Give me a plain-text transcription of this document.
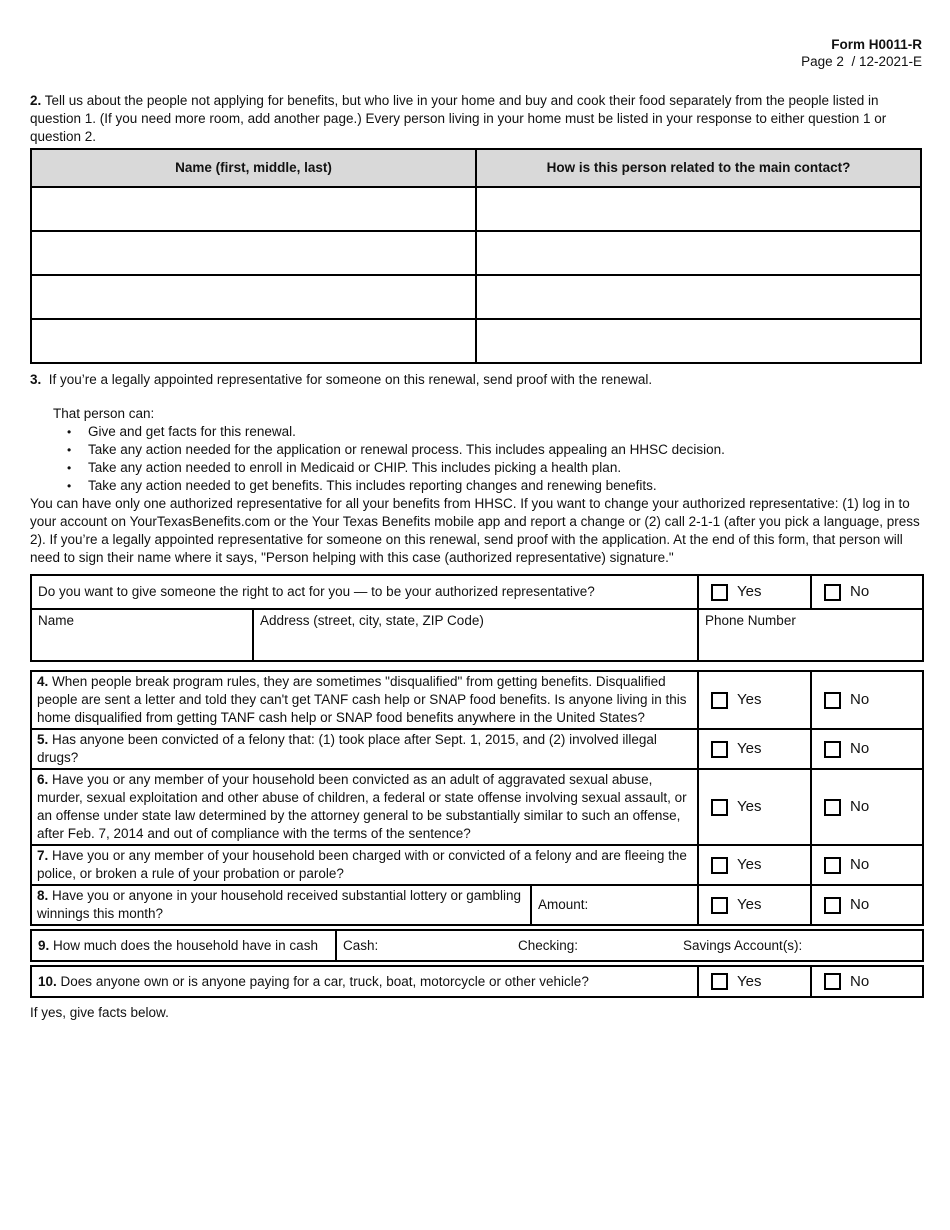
Form H0011-R
Page 2  / 12-2021-E

2. Tell us about the people not applying for benefits, but who live in your home and buy and cook their food separately from the people listed in question 1. (If you need more room, add another page.) Every person living in your home must be listed in your response to either question 1 or question 2.

Name (first, middle, last)	How is this person related to the main contact?

3. If you’re a legally appointed representative for someone on this renewal, send proof with the renewal.

That person can:

•	Give and get facts for this renewal.
•	Take any action needed for the application or renewal process. This includes appealing an HHSC decision.
•	Take any action needed to enroll in Medicaid or CHIP. This includes picking a health plan.
•	Take any action needed to get benefits. This includes reporting changes and renewing benefits.

You can have only one authorized representative for all your benefits from HHSC. If you want to change your authorized representative: (1) log in to your account on YourTexasBenefits.com or the Your Texas Benefits mobile app and report a change or (2) call 2-1-1 (after you pick a language, press 2). If you’re a legally appointed representative for someone on this renewal, send proof with the application. At the end of this form, that person will need to sign their name where it says, "Person helping with this case (authorized representative) signature."

Do you want to give someone the right to act for you — to be your authorized representative?		Yes	No

Name	Address (street, city, state, ZIP Code)	Phone Number	
4. When people break program rules, they are sometimes "disqualified" from getting benefits. Disqualified people are sent a letter and told they can't get TANF cash help or SNAP food benefits. Is anyone living in this home disqualified from getting TANF cash help or SNAP food benefits anywhere in the United States?		Yes	No

5. Has anyone been convicted of a felony that: (1) took place after Sept. 1, 2015, and (2) involved illegal drugs?		Yes	No

6. Have you or any member of your household been convicted as an adult of aggravated sexual abuse, murder, sexual exploitation and other abuse of children, a federal or state offense involving sexual assault, or an offense under state law determined by the attorney general to be substantially similar to such an offense, after Feb. 7, 2014 and out of compliance with the terms of the sentence?		Yes	No

7. Have you or any member of your household been charged with or convicted of a felony and are fleeing the police, or broken a rule of your probation or parole?		Yes	No

8. Have you or anyone in your household received substantial lottery or gambling winnings this month?	Amount:	Yes	No
9. How much does the household have in cash	Cash:	Checking:	Savings Account(s):
10. Does anyone own or is anyone paying for a car, truck, boat, motorcycle or other vehicle?	Yes	No

If yes, give facts below.
